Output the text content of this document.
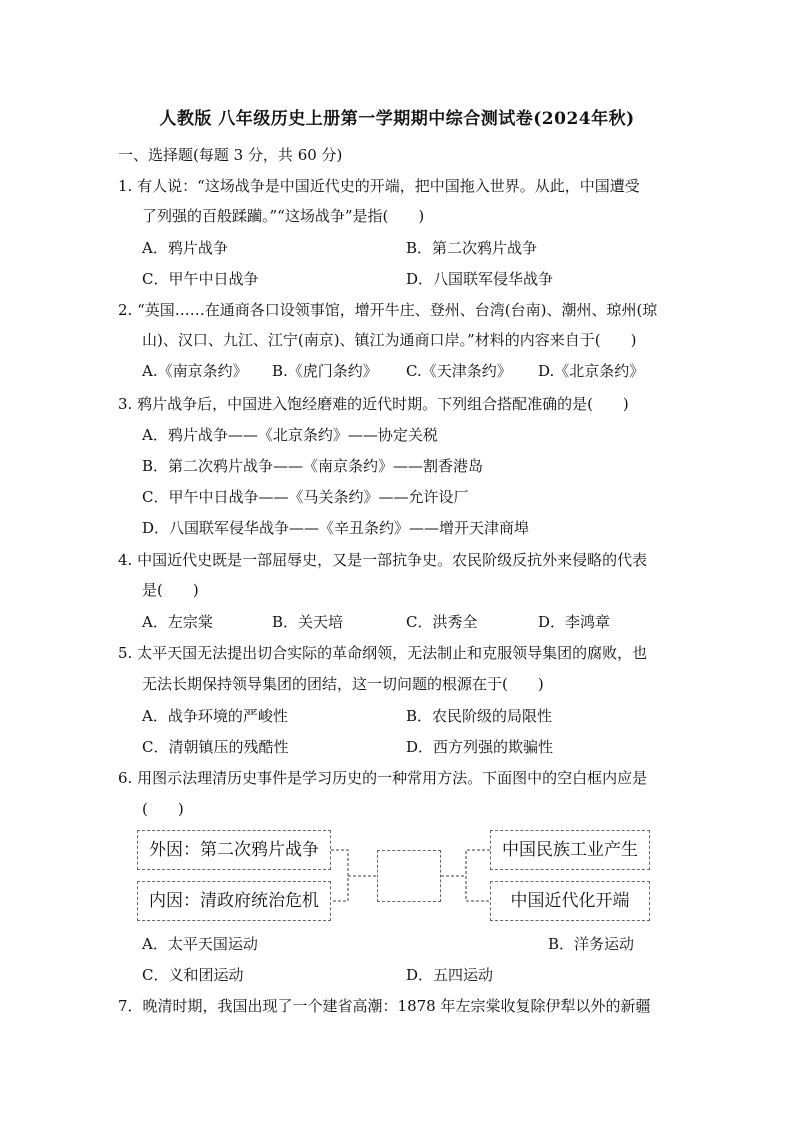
人教版 八年级历史上册第一学期期中综合测试卷(2024年秋)
一、选择题(每题 3 分，共 60 分)
1. 有人说：“这场战争是中国近代史的开端，把中国拖入世界。从此，中国遭受
了列强的百般蹂躏。”“这场战争”是指(　　)
A．鸦片战争	B．第二次鸦片战争
C．甲午中日战争	D．八国联军侵华战争
2. “英国……在通商各口设领事馆，增开牛庄、登州、台湾(台南)、潮州、琼州(琼
山)、汉口、九江、江宁(南京)、镇江为通商口岸。”材料的内容来自于(　　)
A.《南京条约》 B.《虎门条约》 C.《天津条约》 D.《北京条约》
3. 鸦片战争后，中国进入饱经磨难的近代时期。下列组合搭配准确的是(　　)
A．鸦片战争——《北京条约》——协定关税
B．第二次鸦片战争——《南京条约》——割香港岛
C．甲午中日战争——《马关条约》——允许设厂
D．八国联军侵华战争——《辛丑条约》——增开天津商埠
4. 中国近代史既是一部屈辱史，又是一部抗争史。农民阶级反抗外来侵略的代表
是(　　)
A．左宗棠	B．关天培	C．洪秀全	D．李鸿章
5. 太平天国无法提出切合实际的革命纲领，无法制止和克服领导集团的腐败，也
无法长期保持领导集团的团结，这一切问题的根源在于(　　)
A．战争环境的严峻性	B．农民阶级的局限性
C．清朝镇压的残酷性	D．西方列强的欺骗性
6. 用图示法理清历史事件是学习历史的一种常用方法。下面图中的空白框内应是
(　　)
外因：第二次鸦片战争
内因：清政府统治危机
中国民族工业产生
中国近代化开端
A．太平天国运动	B．洋务运动
C．义和团运动	D．五四运动
7．晚清时期，我国出现了一个建省高潮：1878 年左宗棠收复除伊犁以外的新疆
